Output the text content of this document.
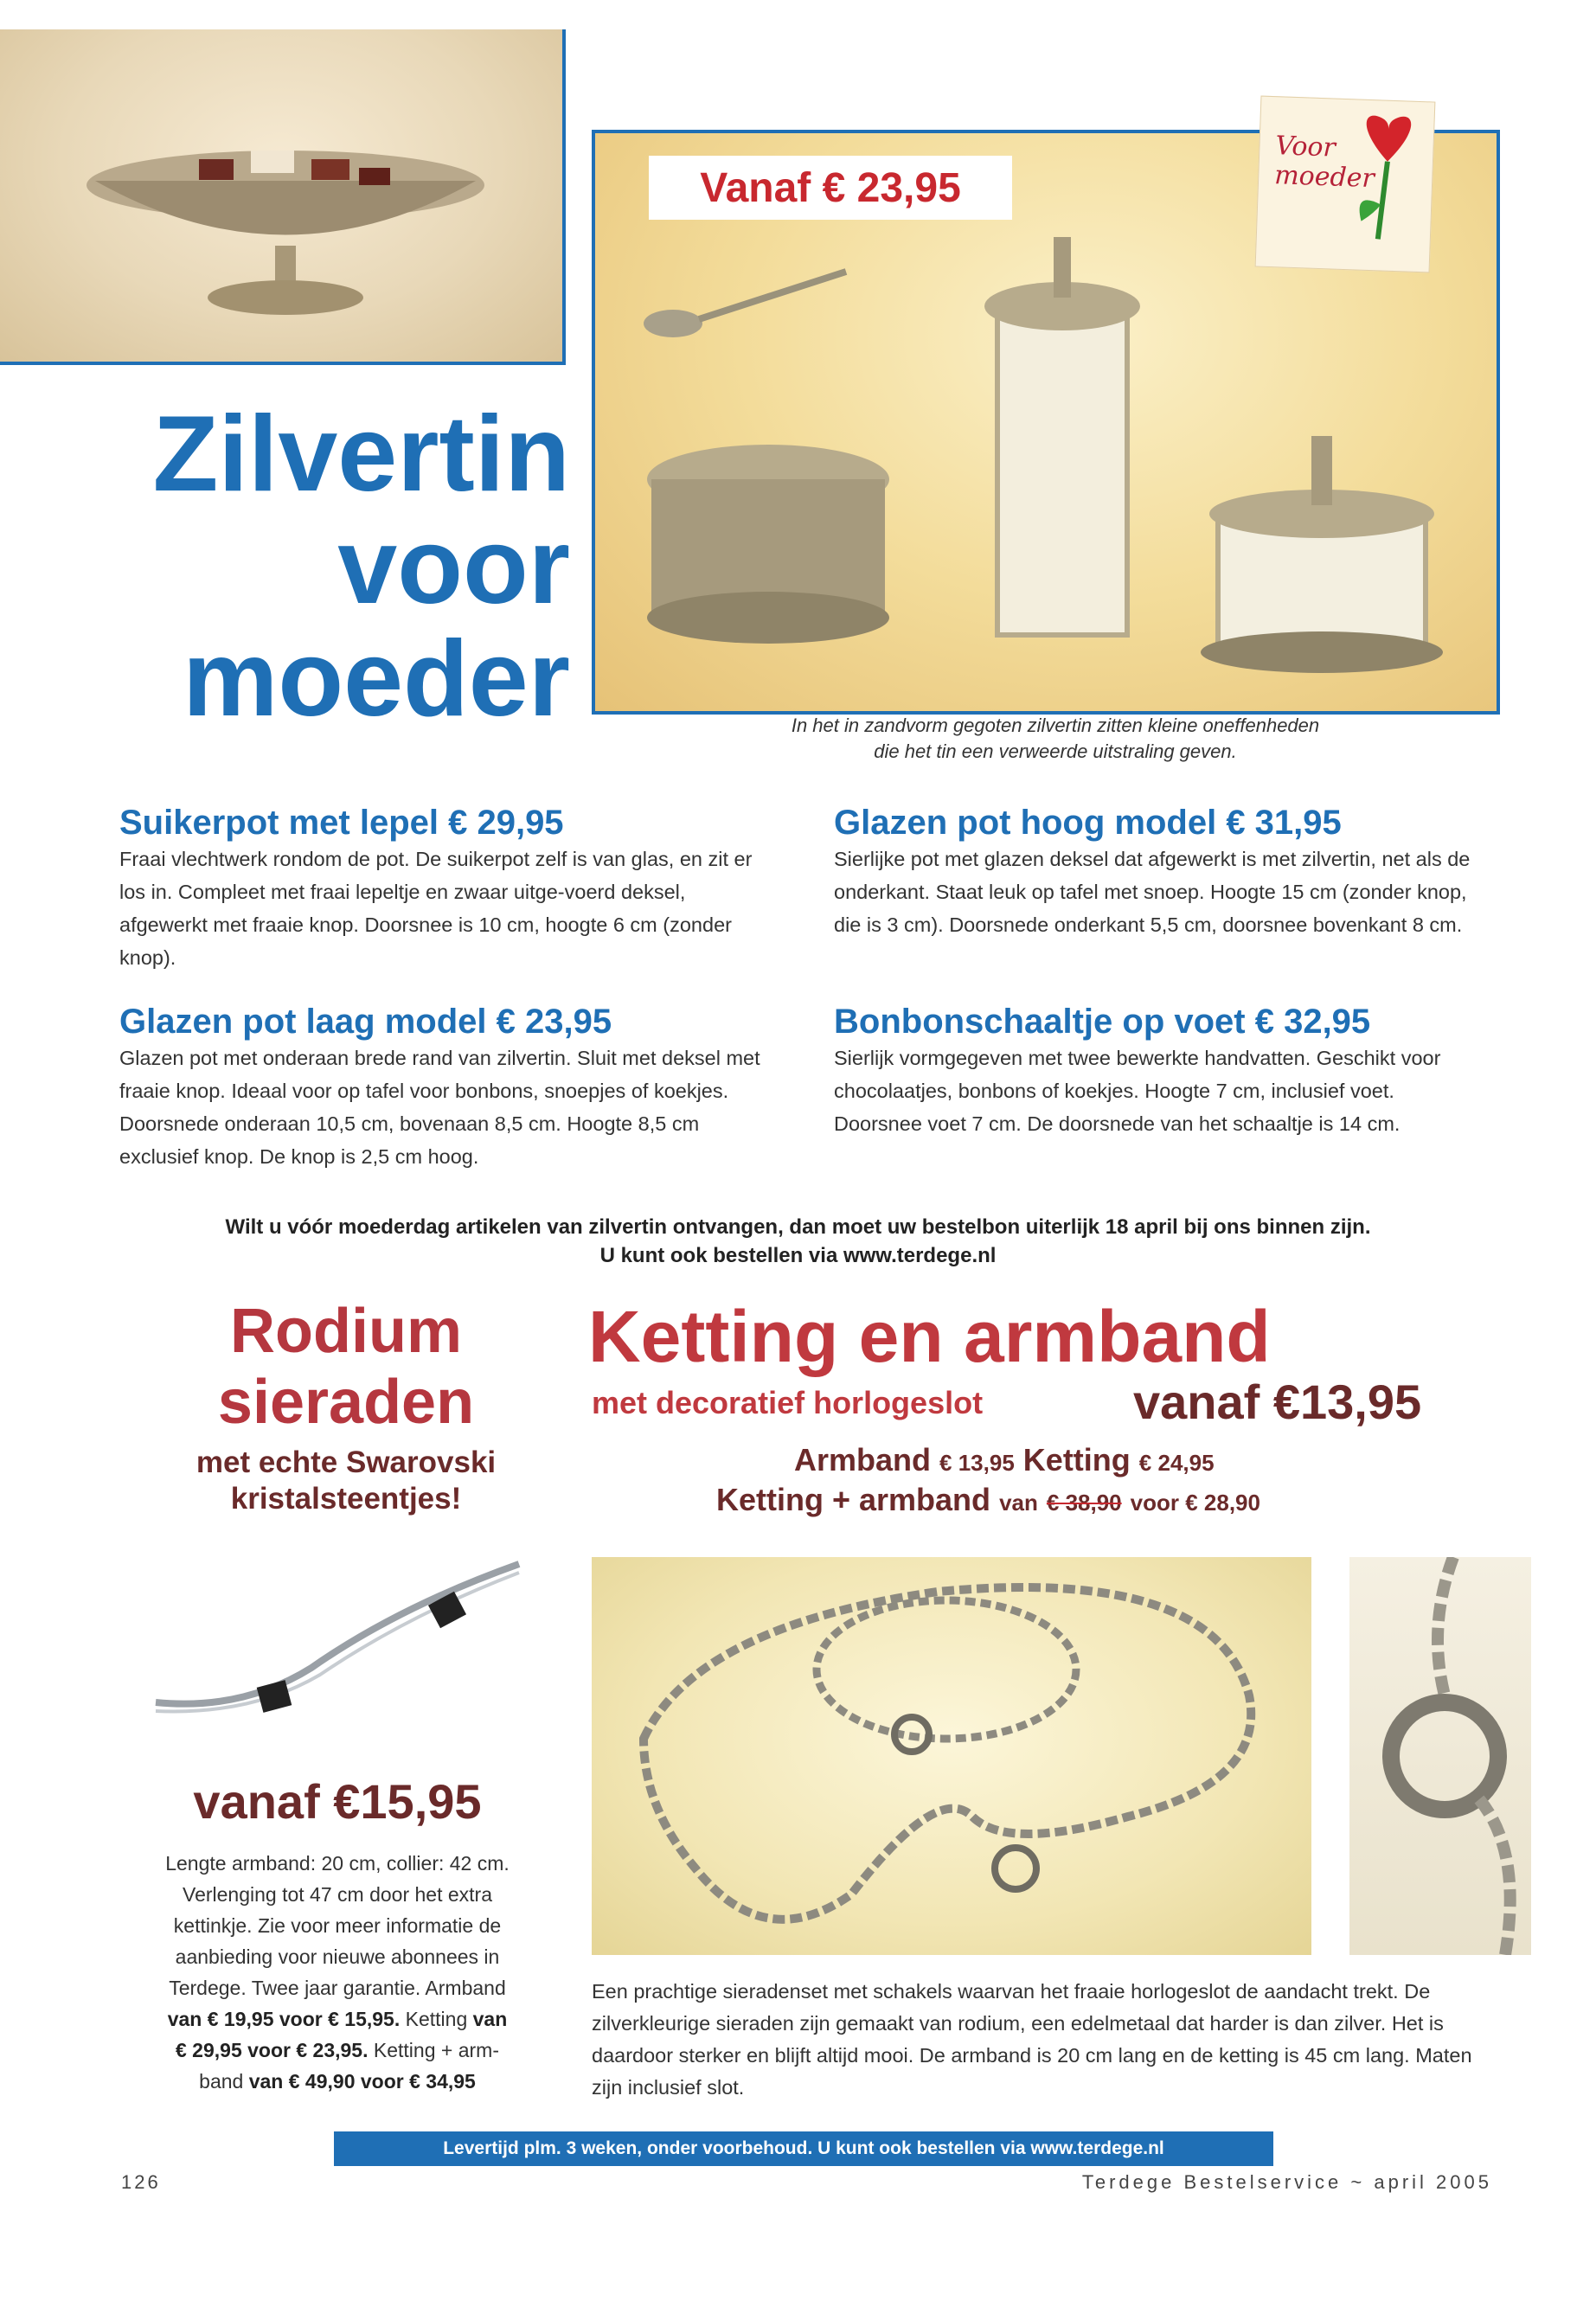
Vanaf € 23,95
Voor moeder
Zilvertin
voor
moeder	In het in zandvorm gegoten zilvertin zitten kleine oneffenheden
die het tin een verweerde uitstraling geven.
Suikerpot met lepel € 29,95
Fraai vlechtwerk rondom de pot. De suikerpot zelf is van glas, en zit er los in. Compleet met fraai lepeltje en zwaar uitge-voerd deksel, afgewerkt met fraaie knop. Doorsnee is 10 cm, hoogte 6 cm (zonder knop).
Glazen pot hoog model € 31,95
Sierlijke pot met glazen deksel dat afgewerkt is met zilvertin, net als de onderkant. Staat leuk op tafel met snoep. Hoogte 15 cm (zonder knop, die is 3 cm). Doorsnede onderkant 5,5 cm, doorsnee bovenkant 8 cm.
Glazen pot laag model € 23,95
Glazen pot met onderaan brede rand van zilvertin. Sluit met deksel met fraaie knop. Ideaal voor op tafel voor bonbons, snoepjes of koekjes. Doorsnede onderaan 10,5 cm, bovenaan 8,5 cm. Hoogte 8,5 cm exclusief knop. De knop is 2,5 cm hoog.
Bonbonschaaltje op voet € 32,95
Sierlijk vormgegeven met twee bewerkte handvatten. Geschikt voor chocolaatjes, bonbons of koekjes. Hoogte 7 cm, inclusief voet. Doorsnee voet 7 cm. De doorsnede van het schaaltje is 14 cm.
Wilt u vóór moederdag artikelen van zilvertin ontvangen, dan moet uw bestelbon uiterlijk 18 april bij ons binnen zijn.
U kunt ook bestellen via www.terdege.nl
Rodium
sieraden
met echte Swarovski
kristalsteentjes!
vanaf €15,95
Lengte armband: 20 cm, collier: 42 cm.
Verlenging tot 47 cm door het extra
kettinkje. Zie voor meer informatie de
aanbieding voor nieuwe abonnees in
Terdege. Twee jaar garantie. Armband
van € 19,95 voor € 15,95. Ketting van
€ 29,95 voor € 23,95. Ketting + arm-
band van € 49,90 voor € 34,95
Ketting en armband
met decoratief horlogeslot	vanaf €13,95
Armband € 13,95 Ketting € 24,95
Ketting + armband van € 38,90 voor € 28,90
Een prachtige sieradenset met schakels waarvan het fraaie horlogeslot de aandacht trekt. De zilverkleurige sieraden zijn gemaakt van rodium, een edelmetaal dat harder is dan zilver. Het is daardoor sterker en blijft altijd mooi. De armband is 20 cm lang en de ketting is 45 cm lang. Maten zijn inclusief slot.
Levertijd plm. 3 weken, onder voorbehoud. U kunt ook bestellen via www.terdege.nl
126	Terdege Bestelservice ~ april 2005
